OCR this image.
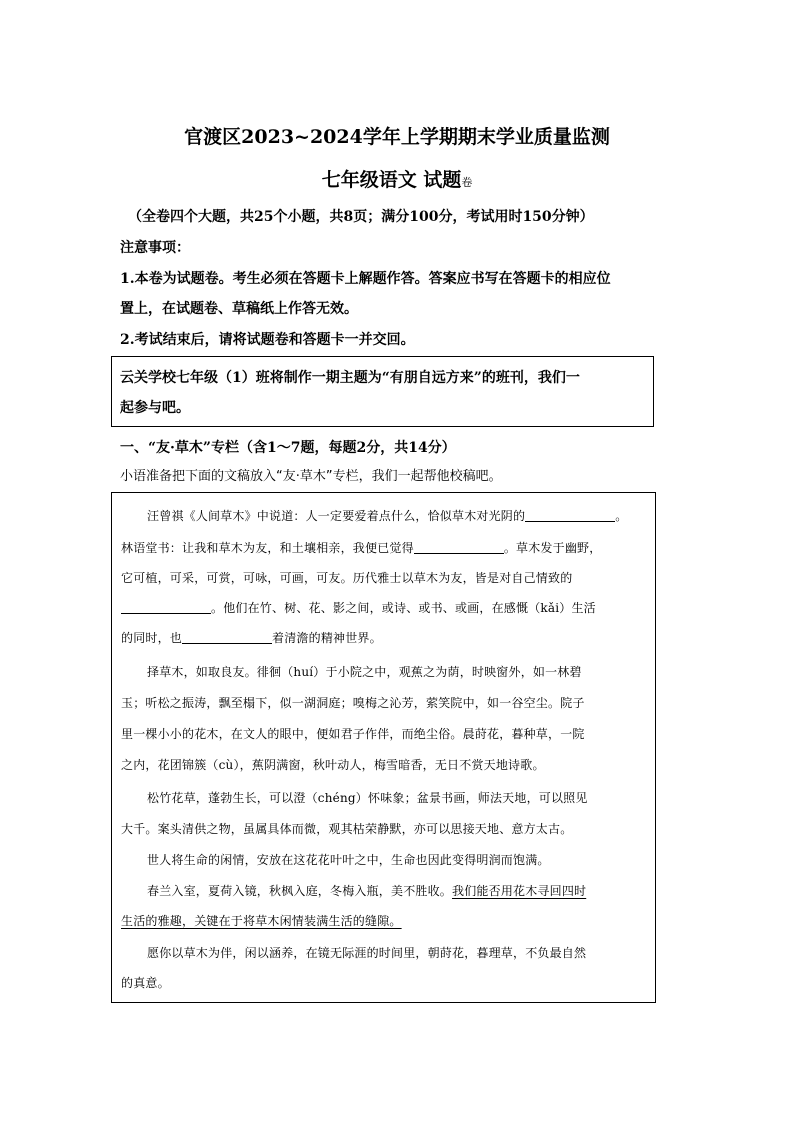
官渡区2023~2024学年上学期期末学业质量监测
七年级语文 试题卷
（全卷四个大题，共25个小题，共8页；满分100分，考试用时150分钟）
注意事项：
1.本卷为试题卷。考生必须在答题卡上解题作答。答案应书写在答题卡的相应位
置上，在试题卷、草稿纸上作答无效。
2.考试结束后，请将试题卷和答题卡一并交回。
云关学校七年级（1）班将制作一期主题为“有朋自远方来”的班刊，我们一
起参与吧。
一、“友·草木”专栏（含1～7题，每题2分，共14分）
小语准备把下面的文稿放入“友·草木”专栏，我们一起帮他校稿吧。
汪曾祺《人间草木》中说道：人一定要爱着点什么，恰似草木对光阴的	。
林语堂书：让我和草木为友，和土壤相亲，我便已觉得	。草木发于幽野，
它可植，可采，可赏，可咏，可画，可友。历代雅士以草木为友，皆是对自己情致的
。他们在竹、树、花、影之间，或诗、或书、或画，在感慨（kǎi）生活
的同时，也	着清澹的精神世界。
择草木，如取良友。徘徊（huí）于小院之中，观蕉之为荫，时映窗外，如一林碧
玉；听松之振涛，飘至榻下，似一湖洞庭；嗅梅之沁芳，萦笑院中，如一谷空尘。院子
里一棵小小的花木，在文人的眼中，便如君子作伴，而绝尘俗。晨莳花，暮种草，一院
之内，花团锦簇（cù），蕉阴满窗，秋叶动人，梅雪暗香，无日不赏天地诗歌。
松竹花草，蓬勃生长，可以澄（chéng）怀味象；盆景书画，师法天地，可以照见
大千。案头清供之物，虽属具体而微，观其枯荣静默，亦可以思接天地、意方太古。
世人将生命的闲情，安放在这花花叶叶之中，生命也因此变得明润而饱满。
春兰入室，夏荷入镜，秋枫入庭，冬梅入瓶，美不胜收。我们能否用花木寻回四时
生活的雅趣，关键在于将草木闲情装满生活的缝隙。
愿你以草木为伴，闲以涵养，在镜无际涯的时间里，朝莳花，暮理草，不负最自然
的真意。
